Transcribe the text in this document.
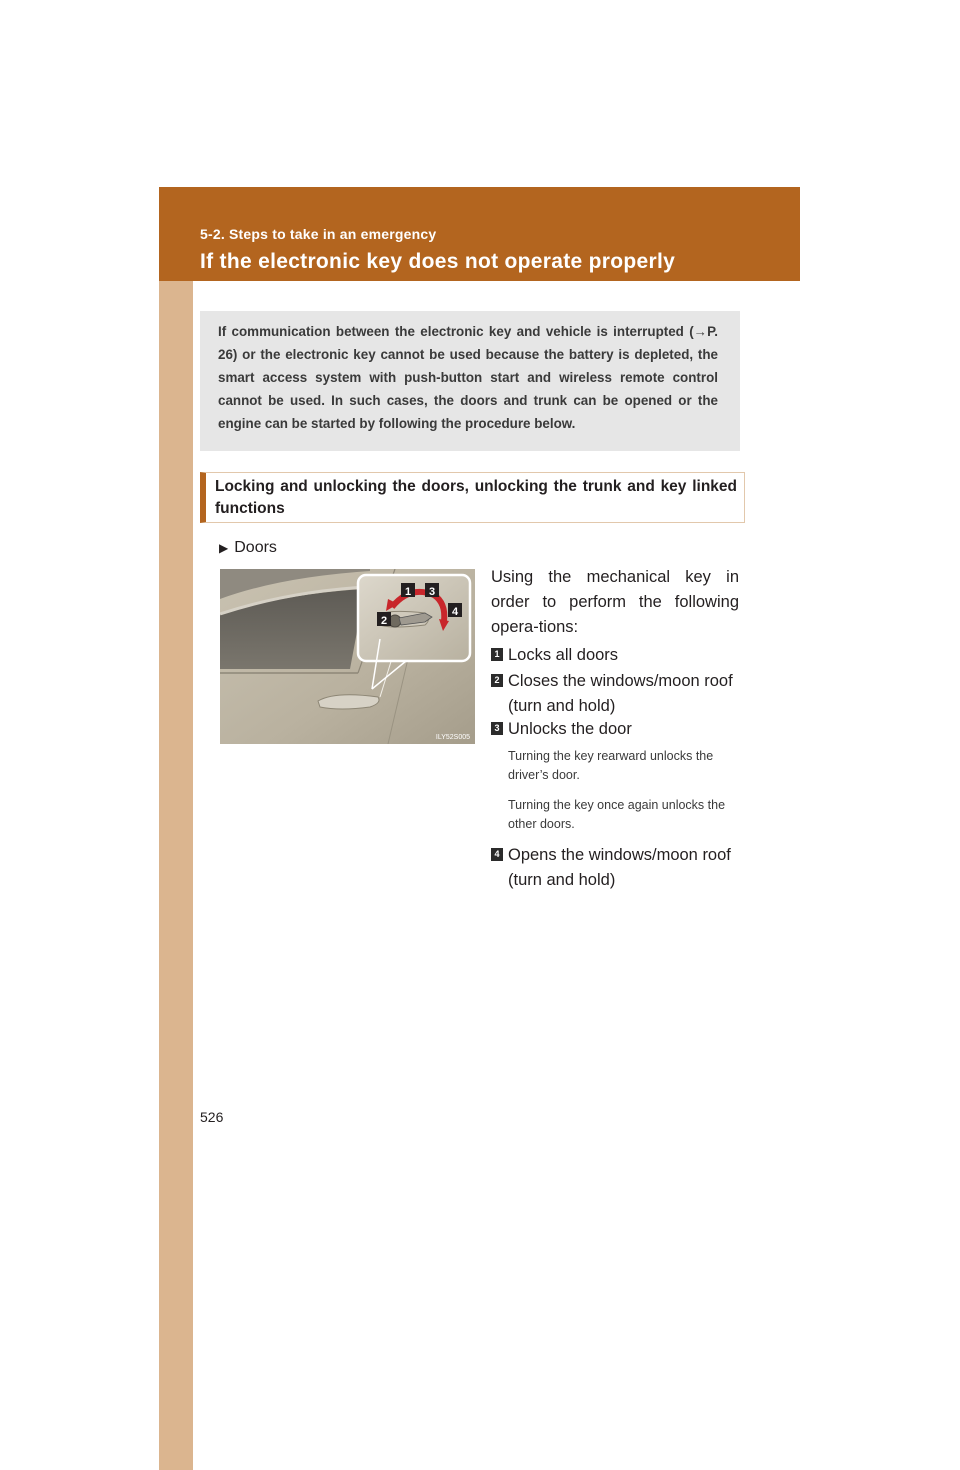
5-2. Steps to take in an emergency
If the electronic key does not operate properly

If communication between the electronic key and vehicle is interrupted (→P. 26) or the electronic key cannot be used because the battery is depleted, the smart access system with push-button start and wireless remote control cannot be used. In such cases, the doors and trunk can be opened or the engine can be started by following the procedure below.

Locking and unlocking the doors, unlocking the trunk and key linked functions

▶ Doors
1 3
2
4
ILY52S005

Using the mechanical key in order to perform the following opera-tions:

1 Locks all doors
2 Closes the windows/moon roof (turn and hold)
3 Unlocks the door
Turning the key rearward unlocks the driver’s door.
Turning the key once again unlocks the other doors.
4 Opens the windows/moon roof (turn and hold)
526
